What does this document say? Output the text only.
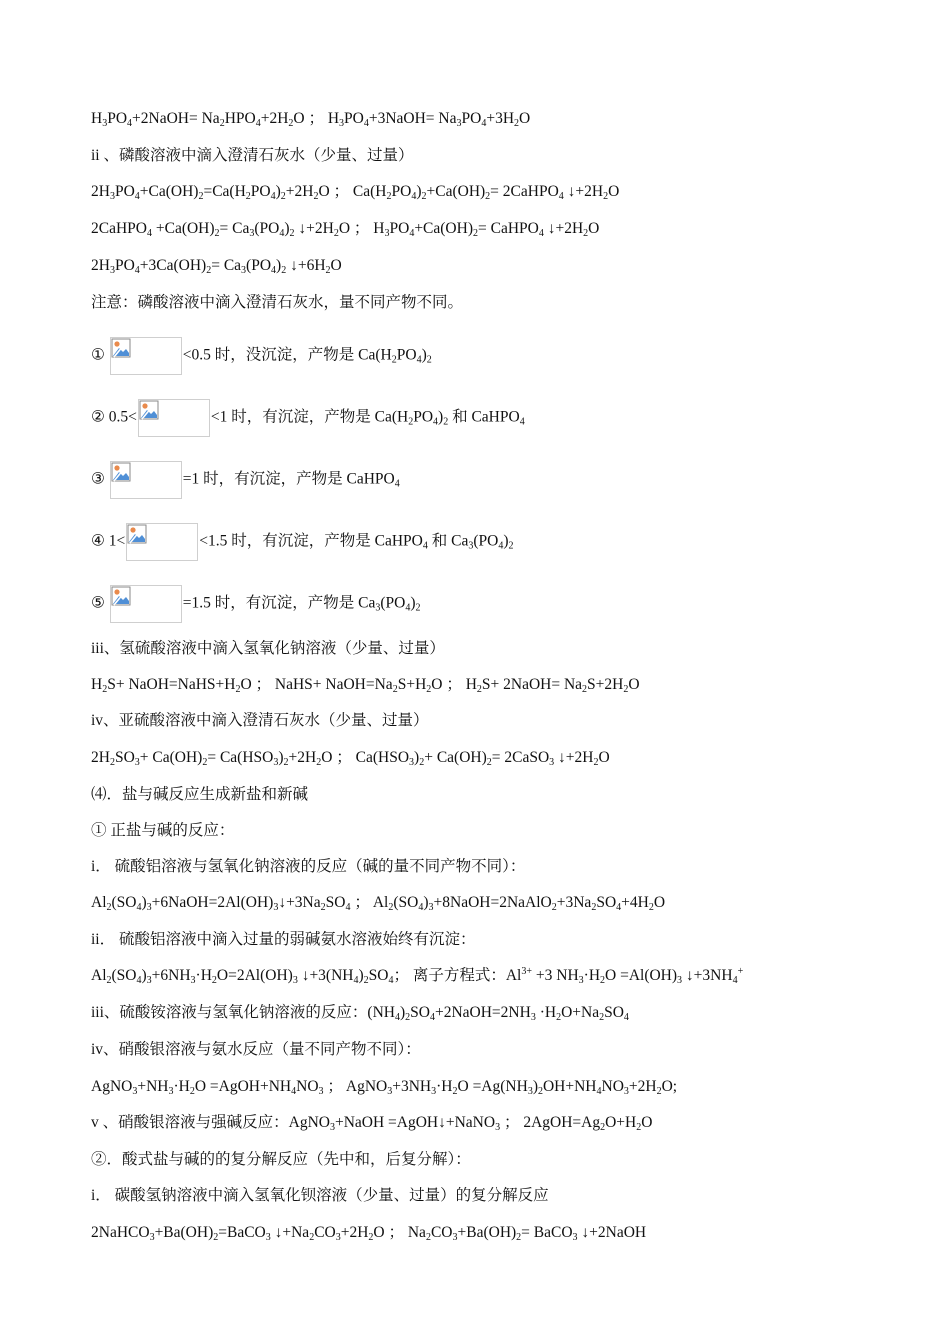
$H_3PO_4+2NaOH= Na_2HPO_4+2H_2O$ ； $H_3PO_4+3NaOH= Na_3PO_4+3H_2O$
ii 、磷酸溶液中滴入澄清石灰水（少量、过量）
$2H_3PO_4+Ca(OH)_2=Ca(H_2PO_4)_2+2H_2O$ ； $Ca(H_2PO_4)_2+Ca(OH)_2=$ 2CaHPO$_4$ $↓+2H_2O$
2CaHPO$_4$ $+Ca(OH)_2= Ca_3(PO_4)_2$ $↓+2H_2O$ ； $H_3PO_4+Ca(OH)_2=$ CaHPO$_4$ $↓+2H_2O$
$2H_3PO_4+3Ca(OH)_2= Ca_3(PO_4)_2$ $↓+6H_2O$
注意：磷酸溶液中滴入澄清石灰水，量不同产物不同。
①	<0.5 时，没沉淀，产物是 $Ca(H_2PO_4)_2$
② 0.5<	<1 时，有沉淀，产物是 $Ca(H_2PO_4)_2$ 和 CaHPO$_4$
③	=1 时，有沉淀，产物是 CaHPO$_4$
④ 1<	<1.5 时，有沉淀，产物是 CaHPO$_4$ 和 $Ca_3(PO_4)_2$
⑤	=1.5 时，有沉淀，产物是 $Ca_3(PO_4)_2$
iii、氢硫酸溶液中滴入氢氧化钠溶液（少量、过量）
$H_2S+$ $NaOH=NaHS+H_2O$ ； NaHS+ $NaOH=Na_2S+H_2O$ ； $H_2S+$ 2NaOH= $Na_2S+2H_2O$
iv、亚硫酸溶液中滴入澄清石灰水（少量、过量）
$2H_2SO_3+ Ca(OH)_2= Ca(HSO_3)_2+2H_2O$ ； $Ca(HSO_3)_2+ Ca(OH)_2=$ 2CaSO$_3$ $↓+2H_2O$
⑷．盐与碱反应生成新盐和新碱
① 正盐与碱的反应：
i． 硫酸铝溶液与氢氧化钠溶液的反应（碱的量不同产物不同）：
$Al_2(SO_4)_3+6NaOH=2Al(OH)_3↓+3Na_2SO_4$ ； $Al_2(SO_4)_3+8NaOH=2NaAlO_2+3Na_2SO_4+4H_2O$
ii． 硫酸铝溶液中滴入过量的弱碱氨水溶液始终有沉淀：
$Al_2(SO_4)_3+6NH_3\cdot H_2O=2Al(OH)_3$ $↓+3(NH_4)_2SO_4$； 离子方程式：$Al^{3+} +3$ $NH_3\cdot H_2O =Al(OH)_3$ $↓+3NH_4^+$
iii、硫酸铵溶液与氢氧化钠溶液的反应：$(NH_4)_2SO_4+2NaOH=2NH_3 \cdot H_2O+Na_2SO_4$
iv、硝酸银溶液与氨水反应（量不同产物不同）：
$AgNO_3+NH_3\cdot H_2O$ $=AgOH+NH_4NO_3$ ； $AgNO_3+3NH_3\cdot H_2O =Ag(NH_3)_2OH+NH_4NO_3+2H_2O$;
v 、硝酸银溶液与强碱反应：AgNO$_3$+NaOH =AgOH↓+NaNO$_3$ ； $2AgOH=Ag_2O+H_2O$
②．酸式盐与碱的的复分解反应（先中和，后复分解）：
i． 碳酸氢钠溶液中滴入氢氧化钡溶液（少量、过量）的复分解反应
$2NaHCO_3+Ba(OH)_2=BaCO_3$ $↓+Na_2CO_3+2H_2O$ ； $Na_2CO_3+Ba(OH)_2=$ BaCO$_3$ ↓+2NaOH
